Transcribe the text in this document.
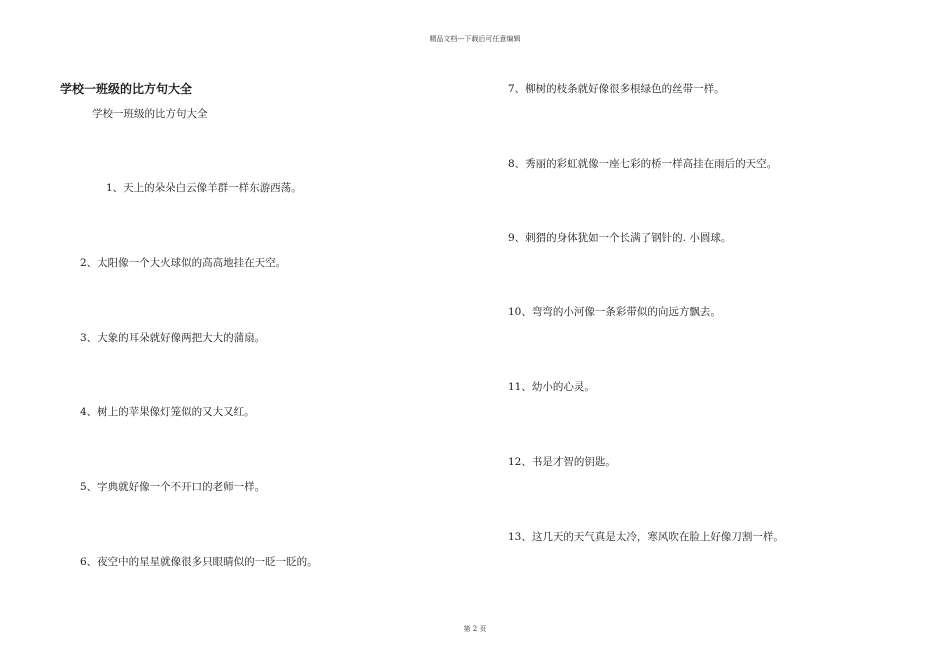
精品文档---下载后可任意编辑
学校一班级的比方句大全
学校一班级的比方句大全
1、天上的朵朵白云像羊群一样东游西荡。
2、太阳像一个大火球似的高高地挂在天空。
3、大象的耳朵就好像两把大大的蒲扇。
4、树上的苹果像灯笼似的又大又红。
5、字典就好像一个不开口的老师一样。
6、夜空中的星星就像很多只眼睛似的一眨一眨的。
7、柳树的枝条就好像很多根绿色的丝带一样。
8、秀丽的彩虹就像一座七彩的桥一样高挂在雨后的天空。
9、刺猬的身体犹如一个长满了钢针的. 小圆球。
10、弯弯的小河像一条彩带似的向远方飘去。
11、幼小的心灵。
12、书是才智的钥匙。
13、这几天的天气真是太冷，寒风吹在脸上好像刀割一样。
第 2 页
